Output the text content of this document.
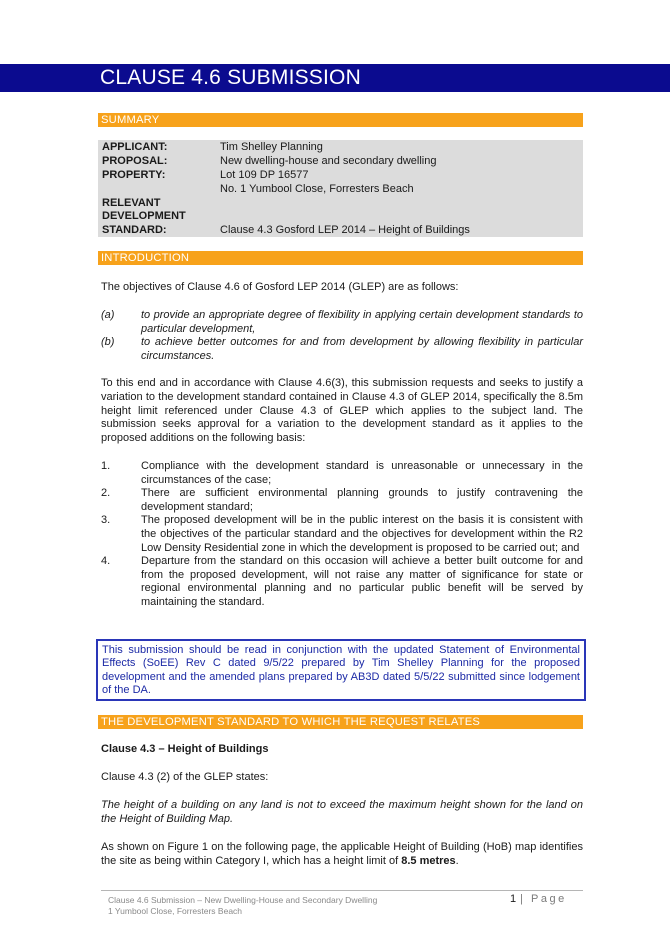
CLAUSE 4.6 SUBMISSION
SUMMARY
APPLICANT:	Tim Shelley Planning
PROPOSAL:	New dwelling-house and secondary dwelling
PROPERTY:	Lot 109 DP 16577
No. 1 Yumbool Close, Forresters Beach
RELEVANT
DEVELOPMENT
STANDARD:	Clause 4.3 Gosford LEP 2014 – Height of Buildings
INTRODUCTION

The objectives of Clause 4.6 of Gosford LEP 2014 (GLEP) are as follows:

(a) to provide an appropriate degree of flexibility in applying certain development standards to particular development,
(b) to achieve better outcomes for and from development by allowing flexibility in particular circumstances.

To this end and in accordance with Clause 4.6(3), this submission requests and seeks to justify a variation to the development standard contained in Clause 4.3 of GLEP 2014, specifically the 8.5m height limit referenced under Clause 4.3 of GLEP which applies to the subject land. The submission seeks approval for a variation to the development standard as it applies to the proposed additions on the following basis:

1.	Compliance with the development standard is unreasonable or unnecessary in the circumstances of the case;
2.	There are sufficient environmental planning grounds to justify contravening the development standard;
3.	The proposed development will be in the public interest on the basis it is consistent with the objectives of the particular standard and the objectives for development within the R2 Low Density Residential zone in which the development is proposed to be carried out; and
4.	Departure from the standard on this occasion will achieve a better built outcome for and from the proposed development, will not raise any matter of significance for state or regional environmental planning and no particular public benefit will be served by maintaining the standard.
This submission should be read in conjunction with the updated Statement of Environmental Effects (SoEE) Rev C dated 9/5/22 prepared by Tim Shelley Planning for the proposed development and the amended plans prepared by AB3D dated 5/5/22 submitted since lodgement of the DA.
THE DEVELOPMENT STANDARD TO WHICH THE REQUEST RELATES

Clause 4.3 – Height of Buildings

Clause 4.3 (2) of the GLEP states:

The height of a building on any land is not to exceed the maximum height shown for the land on the Height of Building Map.

As shown on Figure 1 on the following page, the applicable Height of Building (HoB) map identifies the site as being within Category I, which has a height limit of 8.5 metres.

Clause 4.6 Submission – New Dwelling-House and Secondary Dwelling
1 Yumbool Close, Forresters Beach
1 | Page
